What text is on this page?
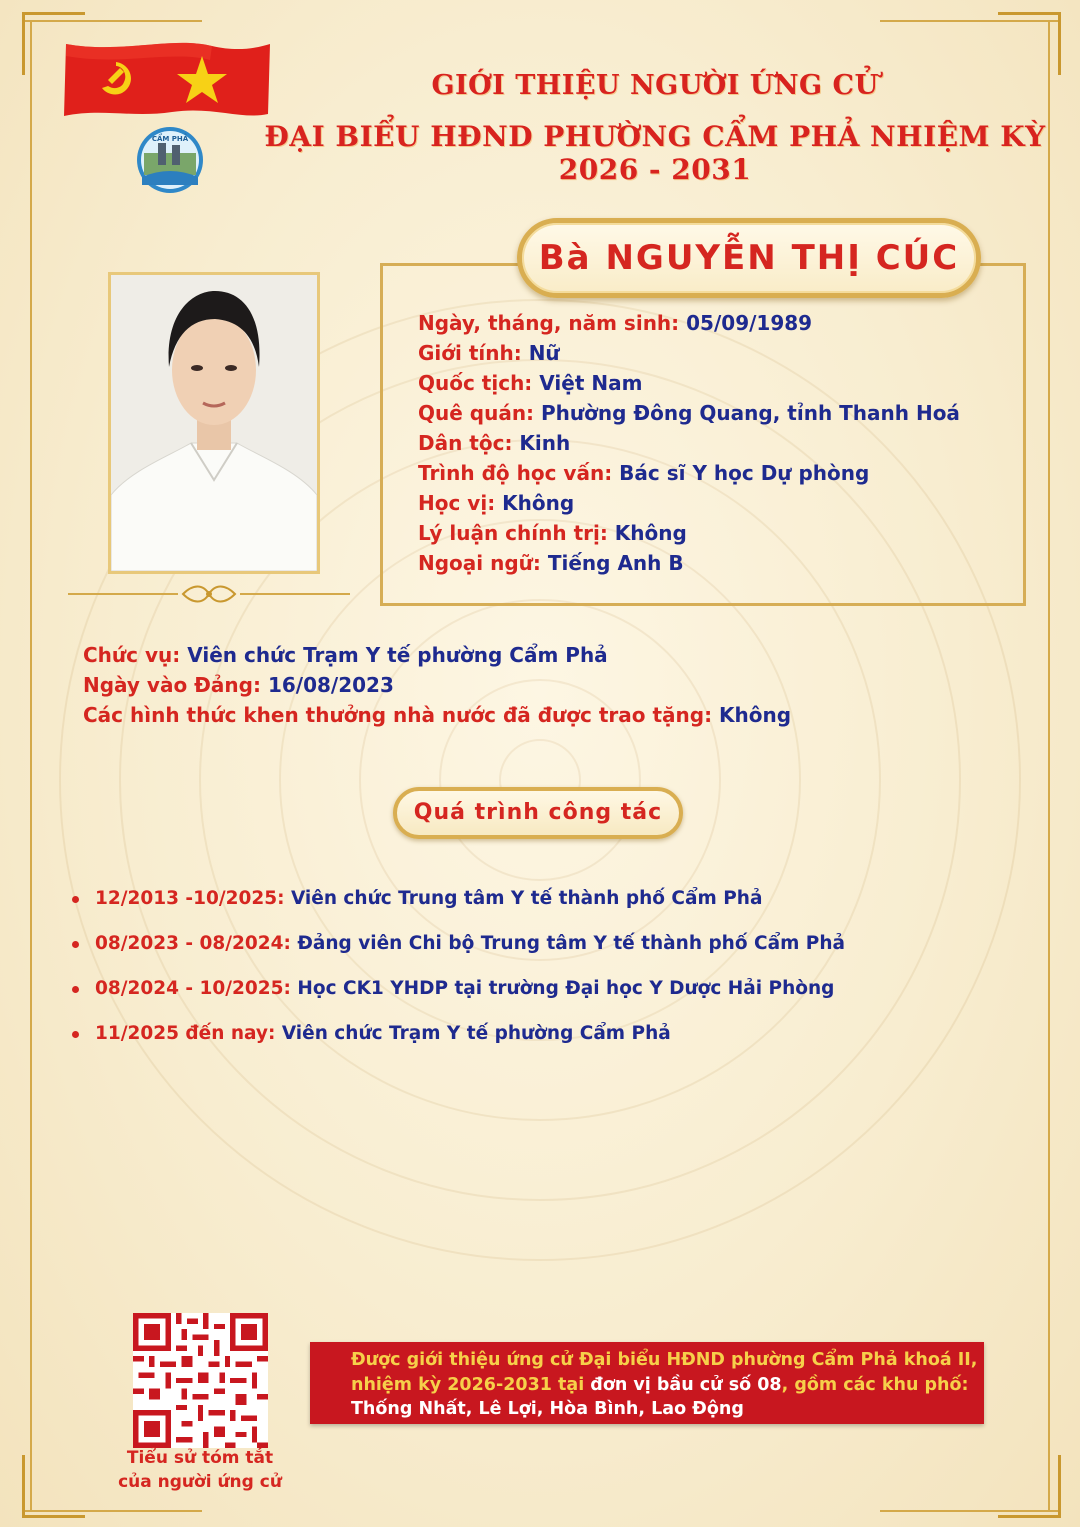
CẨM PHẢ
GIỚI THIỆU NGƯỜI ỨNG CỬ
ĐẠI BIỂU HĐND PHƯỜNG CẨM PHẢ NHIỆM KỲ 2026 - 2031
Bà NGUYỄN THỊ CÚC
Ngày, tháng, năm sinh: 05/09/1989
Giới tính: Nữ
Quốc tịch: Việt Nam
Quê quán: Phường Đông Quang, tỉnh Thanh Hoá
Dân tộc: Kinh
Trình độ học vấn: Bác sĩ Y học Dự phòng
Học vị: Không
Lý luận chính trị: Không
Ngoại ngữ: Tiếng Anh B
Chức vụ: Viên chức Trạm Y tế phường Cẩm Phả
Ngày vào Đảng: 16/08/2023
Các hình thức khen thưởng nhà nước đã được trao tặng: Không
Quá trình công tác
12/2013 -10/2025: Viên chức Trung tâm Y tế thành phố Cẩm Phả
08/2023 - 08/2024: Đảng viên Chi bộ Trung tâm Y tế thành phố Cẩm Phả
08/2024 - 10/2025: Học CK1 YHDP tại trường Đại học Y Dược Hải Phòng
11/2025 đến nay: Viên chức Trạm Y tế phường Cẩm Phả
Tiểu sử tóm tắt
của người ứng cử
Được giới thiệu ứng cử Đại biểu HĐND phường Cẩm Phả khoá II,
nhiệm kỳ 2026-2031 tại đơn vị bầu cử số 08, gồm các khu phố:
Thống Nhất, Lê Lợi, Hòa Bình, Lao Động
